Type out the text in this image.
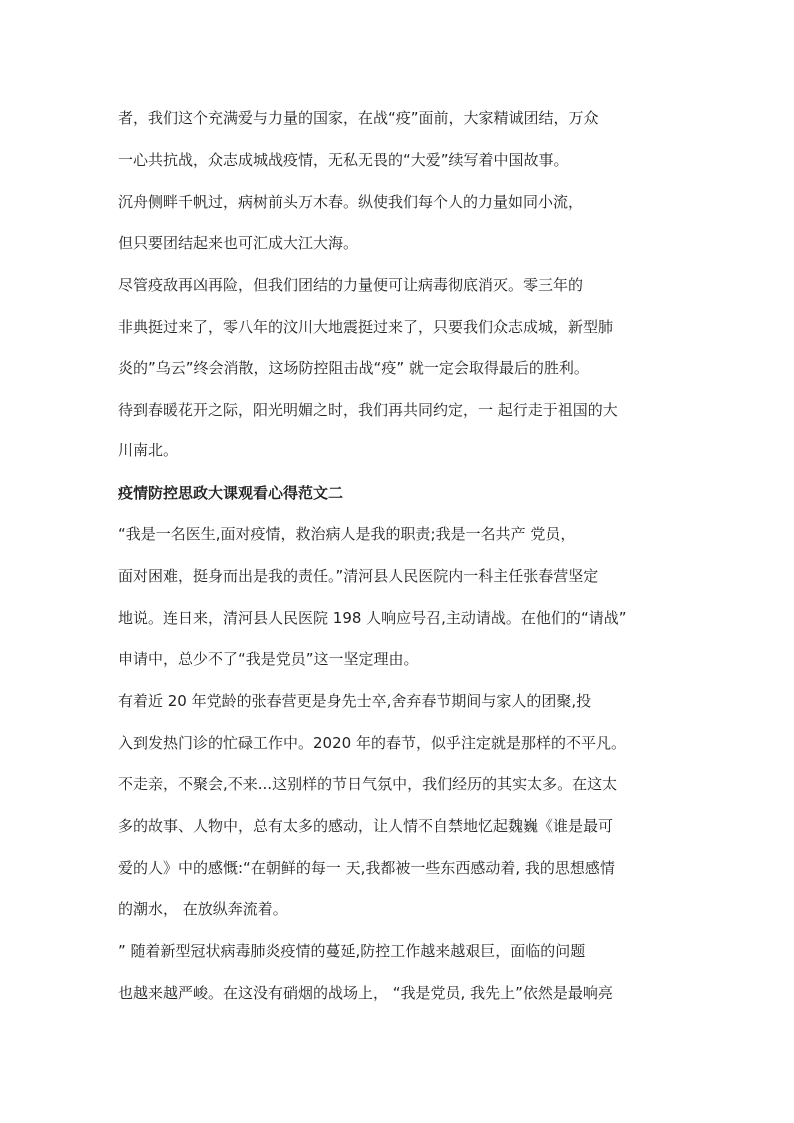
者，我们这个充满爱与力量的国家，在战“疫”面前，大家精诚团结，万众
一心共抗战，众志成城战疫情，无私无畏的“大爱”续写着中国故事。
沉舟侧畔千帆过，病树前头万木春。纵使我们每个人的力量如同小流，
但只要团结起来也可汇成大江大海。
尽管疫敌再凶再险，但我们团结的力量便可让病毒彻底消灭。零三年的
非典挺过来了，零八年的汶川大地震挺过来了，只要我们众志成城，新型肺
炎的”乌云”终会消散，这场防控阻击战“疫” 就一定会取得最后的胜利。
待到春暖花开之际，阳光明媚之时，我们再共同约定，一 起行走于祖国的大
川南北。
疫情防控思政大课观看心得范文二
“我是一名医生,面对疫情，救治病人是我的职责;我是一名共产 党员，
面对困难，挺身而出是我的责任。”清河县人民医院内一科主任张春营坚定
地说。连日来，清河县人民医院 198 人响应号召,主动请战。在他们的“请战”
申请中，总少不了“我是党员”这一坚定理由。
有着近 20 年党龄的张春营更是身先士卒,舍弃春节期间与家人的团聚,投
入到发热门诊的忙碌工作中。2020 年的春节，似乎注定就是那样的不平凡。
不走亲，不聚会,不来...这别样的节日气氛中，我们经历的其实太多。在这太
多的故事、人物中，总有太多的感动，让人情不自禁地忆起魏巍《谁是最可
爱的人》中的感慨:“在朝鲜的每一 天,我都被一些东西感动着, 我的思想感情
的潮水， 在放纵奔流着。
” 随着新型冠状病毒肺炎疫情的蔓延,防控工作越来越艰巨，面临的问题
也越来越严峻。在这没有硝烟的战场上， “我是党员, 我先上”依然是最响亮
